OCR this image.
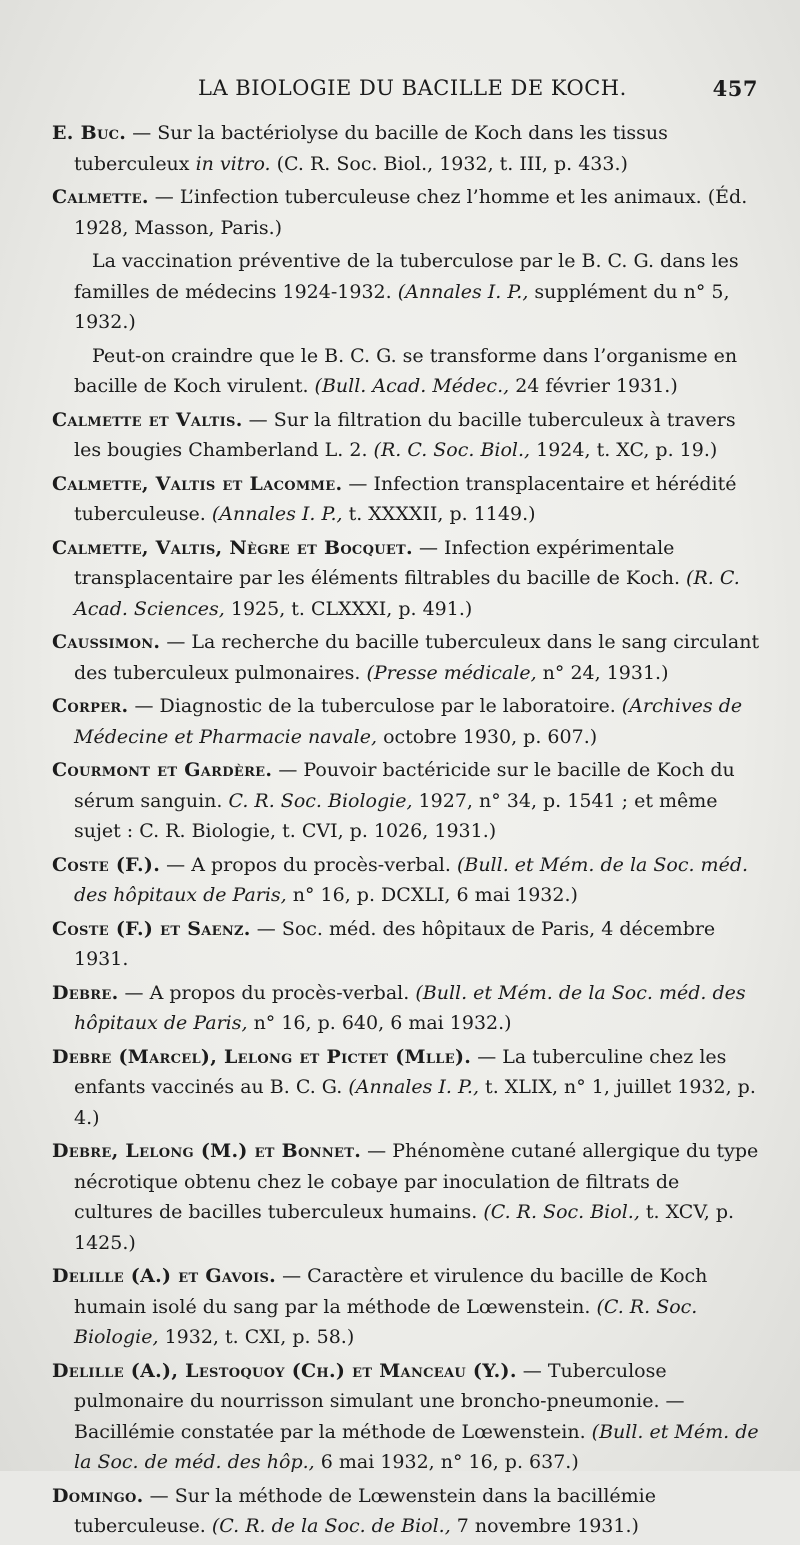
LA BIOLOGIE DU BACILLE DE KOCH.	457

E. Buc. — Sur la bactériolyse du bacille de Koch dans les tissus tuberculeux in vitro. (C. R. Soc. Biol., 1932, t. III, p. 433.)

Calmette. — L’infection tuberculeuse chez l’homme et les animaux. (Éd. 1928, Masson, Paris.)

La vaccination préventive de la tuberculose par le B. C. G. dans les familles de médecins 1924-1932. (Annales I. P., supplément du n° 5, 1932.)

Peut-on craindre que le B. C. G. se transforme dans l’organisme en bacille de Koch virulent. (Bull. Acad. Médec., 24 février 1931.)

Calmette et Valtis. — Sur la filtration du bacille tuberculeux à travers les bougies Chamberland L. 2. (R. C. Soc. Biol., 1924, t. XC, p. 19.)

Calmette, Valtis et Lacomme. — Infection transplacentaire et hérédité tuberculeuse. (Annales I. P., t. XXXXII, p. 1149.)

Calmette, Valtis, Nègre et Bocquet. — Infection expérimentale transplacentaire par les éléments filtrables du bacille de Koch. (R. C. Acad. Sciences, 1925, t. CLXXXI, p. 491.)

Caussimon. — La recherche du bacille tuberculeux dans le sang circulant des tuberculeux pulmonaires. (Presse médicale, n° 24, 1931.)

Corper. — Diagnostic de la tuberculose par le laboratoire. (Archives de Médecine et Pharmacie navale, octobre 1930, p. 607.)

Courmont et Gardère. — Pouvoir bactéricide sur le bacille de Koch du sérum sanguin. C. R. Soc. Biologie, 1927, n° 34, p. 1541 ; et même sujet : C. R. Biologie, t. CVI, p. 1026, 1931.)

Coste (F.). — A propos du procès-verbal. (Bull. et Mém. de la Soc. méd. des hôpitaux de Paris, n° 16, p. DCXLI, 6 mai 1932.)

Coste (F.) et Saenz. — Soc. méd. des hôpitaux de Paris, 4 décembre 1931.

Debre. — A propos du procès-verbal. (Bull. et Mém. de la Soc. méd. des hôpitaux de Paris, n° 16, p. 640, 6 mai 1932.)

Debre (Marcel), Lelong et Pictet (Mlle). — La tuberculine chez les enfants vaccinés au B. C. G. (Annales I. P., t. XLIX, n° 1, juillet 1932, p. 4.)

Debre, Lelong (M.) et Bonnet. — Phénomène cutané allergique du type nécrotique obtenu chez le cobaye par inoculation de filtrats de cultures de bacilles tuberculeux humains. (C. R. Soc. Biol., t. XCV, p. 1425.)

Delille (A.) et Gavois. — Caractère et virulence du bacille de Koch humain isolé du sang par la méthode de Lœwenstein. (C. R. Soc. Biologie, 1932, t. CXI, p. 58.)

Delille (A.), Lestoquoy (Ch.) et Manceau (Y.). — Tuberculose pulmonaire du nourrisson simulant une broncho-pneumonie. — Bacillémie constatée par la méthode de Lœwenstein. (Bull. et Mém. de la Soc. de méd. des hôp., 6 mai 1932, n° 16, p. 637.)

Domingo. — Sur la méthode de Lœwenstein dans la bacillémie tuberculeuse. (C. R. de la Soc. de Biol., 7 novembre 1931.)
